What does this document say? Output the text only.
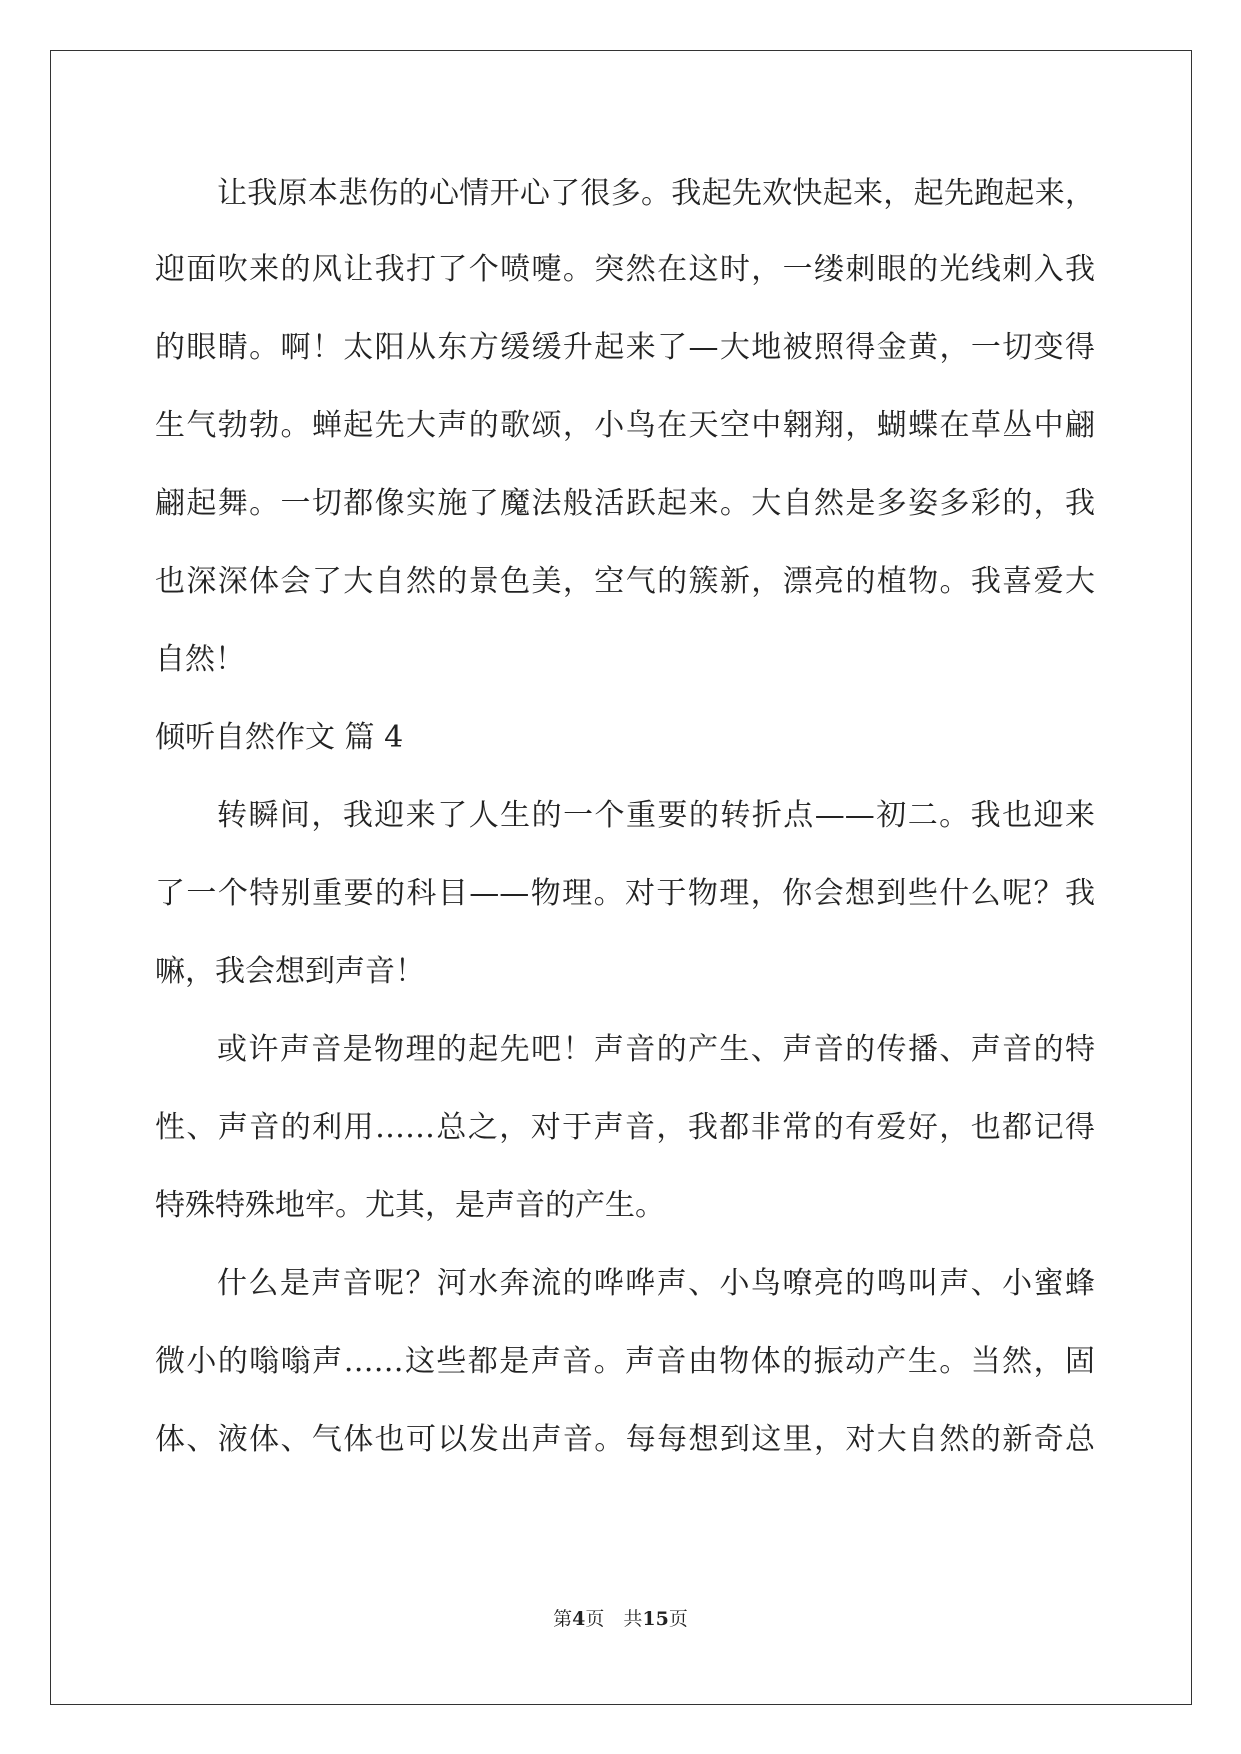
让我原本悲伤的心情开心了很多。我起先欢快起来，起先跑起来，
迎面吹来的风让我打了个喷嚏。突然在这时，一缕刺眼的光线刺入我
的眼睛。啊！太阳从东方缓缓升起来了—大地被照得金黄，一切变得
生气勃勃。蝉起先大声的歌颂，小鸟在天空中翱翔，蝴蝶在草丛中翩
翩起舞。一切都像实施了魔法般活跃起来。大自然是多姿多彩的，我
也深深体会了大自然的景色美，空气的簇新，漂亮的植物。我喜爱大
自然！
倾听自然作文 篇 4
转瞬间，我迎来了人生的一个重要的转折点——初二。我也迎来
了一个特别重要的科目——物理。对于物理，你会想到些什么呢？我
嘛，我会想到声音！
或许声音是物理的起先吧！声音的产生、声音的传播、声音的特
性、声音的利用……总之，对于声音，我都非常的有爱好，也都记得
特殊特殊地牢。尤其，是声音的产生。
什么是声音呢？河水奔流的哗哗声、小鸟嘹亮的鸣叫声、小蜜蜂
微小的嗡嗡声……这些都是声音。声音由物体的振动产生。当然，固
体、液体、气体也可以发出声音。每每想到这里，对大自然的新奇总
第4页　共15页
